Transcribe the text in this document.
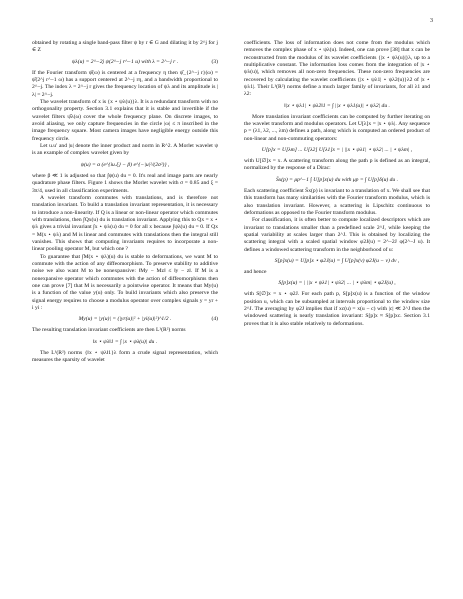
3

obtained by rotating a single band-pass filter ψ by r ∈ G and dilating it by 2^j for j ∈ Z

ψλ(u) = 2^−2j ψ(2^−j r^−1 u) with λ = 2^−j r .	(3)

If the Fourier transform ψ̂(ω) is centered at a frequency η then ψ̂_{2^−j r}(ω) = ψ̂(2^j r^−1 ω) has a support centered at 2^−j rη, and a bandwidth proportional to 2^−j. The index λ = 2^−j r gives the frequency location of ψλ and its amplitude is |λ| = 2^−j.

The wavelet transform of x is {x ⋆ ψλ(u)}λ. It is a redundant transform with no orthogonality property. Section 3.1 explains that it is stable and invertible if the wavelet filters ψ̂λ(ω) cover the whole frequency plane. On discrete images, to avoid aliasing, we only capture frequencies in the circle |ω| ≤ π inscribed in the image frequency square. Most camera images have negligible energy outside this frequency circle.

Let u.u′ and |u| denote the inner product and norm in R^2. A Morlet wavelet ψ is an example of complex wavelet given by

ψ(u) = α (e^{iu.ξ} − β) e^{−|u|²/(2σ²)} ,

where β ≪ 1 is adjusted so that ∫ψ(u) du = 0. It's real and image parts are nearly quadrature phase filters. Figure 1 shows the Morlet wavelet with σ = 0.85 and ξ = 3π/4, used in all classification experiments.

A wavelet transform commutes with translations, and is therefore not translation invariant. To build a translation invariant representation, it is necessary to introduce a non-linearity. If Q is a linear or non-linear operator which commutes with translations, then ∫Qx(u) du is translation invariant. Applying this to Qx = x ⋆ ψλ gives a trivial invariant ∫x ⋆ ψλ(u) du = 0 for all x because ∫ψλ(u) du = 0. If Qx = M(x ⋆ ψλ) and M is linear and commutes with translations then the integral still vanishes. This shows that computing invariants requires to incorporate a non-linear pooling operator M, but which one ?

To guarantee that ∫M(x ⋆ ψλ)(u) du is stable to deformations, we want M to commute with the action of any diffeomorphism. To preserve stability to additive noise we also want M to be nonexpansive: ‖My − Mz‖ ≤ ‖y − z‖. If M is a nonexpansive operator which commutes with the action of diffeomorphisms then one can prove [7] that M is necessarily a pointwise operator. It means that My(u) is a function of the value y(u) only. To build invariants which also preserve the signal energy requires to choose a modulus operator over complex signals y = yr + i yi :

My(u) = |y(u)| = (|yr(u)|² + |yi(u)|²)^1/2 .	(4)

The resulting translation invariant coefficients are then L¹(R²) norms

‖x ⋆ ψλ‖1 = ∫ |x ⋆ ψλ(u)| du .

The L¹(R²) norms {‖x ⋆ ψλ‖1}λ form a crude signal representation, which measures the sparsity of wavelet

coefficients. The loss of information does not come from the modulus which removes the complex phase of x ⋆ ψλ(u). Indeed, one can prove [38] that x can be reconstructed from the modulus of its wavelet coefficients {|x ⋆ ψλ(u)|}λ, up to a multiplicative constant. The information loss comes from the integration of |x ⋆ ψλ(u)|, which removes all non-zero frequencies. These non-zero frequencies are recovered by calculating the wavelet coefficients {|x ⋆ ψλ1| ⋆ ψλ2(u)}λ2 of |x ⋆ ψλ1|. Their L¹(R²) norms define a much larger family of invariants, for all λ1 and λ2:

‖|x ⋆ ψλ1| ⋆ ψλ2‖1 = ∫ ||x ⋆ ψλ1(u)| ⋆ ψλ2| du .

More translation invariant coefficients can be computed by further iterating on the wavelet transform and modulus operators. Let U[λ]x = |x ⋆ ψλ|. Any sequence p = (λ1, λ2, ..., λm) defines a path, along which is computed an ordered product of non-linear and non-commuting operators:

U[p]x = U[λm] ... U[λ2] U[λ1]x = | ||x ⋆ ψλ1| ⋆ ψλ2| ... | ⋆ ψλm| ,

with U[∅]x = x. A scattering transform along the path p is defined as an integral, normalized by the response of a Dirac:

S̄x(p) = μp^−1 ∫ U[p]x(u) du with μp = ∫ U[p]δ(u) du .

Each scattering coefficient S̄x(p) is invariant to a translation of x. We shall see that this transform has many similarities with the Fourier transform modulus, which is also translation invariant. However, a scattering is Lipschitz continuous to deformations as opposed to the Fourier transform modulus.

For classification, it is often better to compute localized descriptors which are invariant to translations smaller than a predefined scale 2^J, while keeping the spatial variability at scales larger than 2^J. This is obtained by localizing the scattering integral with a scaled spatial window φ2J(u) = 2^−2J φ(2^−J u). It defines a windowed scattering transform in the neighborhood of u:

S[p]x(u) = U[p]x ⋆ φ2J(u) = ∫ U[p]x(v) φ2J(u − v) dv ,

and hence

S[p]x(u) = | ||x ⋆ ψλ1| ⋆ ψλ2| ... | ⋆ ψλm| ⋆ φ2J(u) ,

with S[∅]x = x ⋆ φ2J. For each path p, S[p]x(u) is a function of the window position u, which can be subsampled at intervals proportional to the window size 2^J. The averaging by φ2J implies that if xc(u) = x(u − c) with |c| ≪ 2^J then the windowed scattering is nearly translation invariant: S[p]x ≈ S[p]xc. Section 3.1 proves that it is also stable relatively to deformations.
